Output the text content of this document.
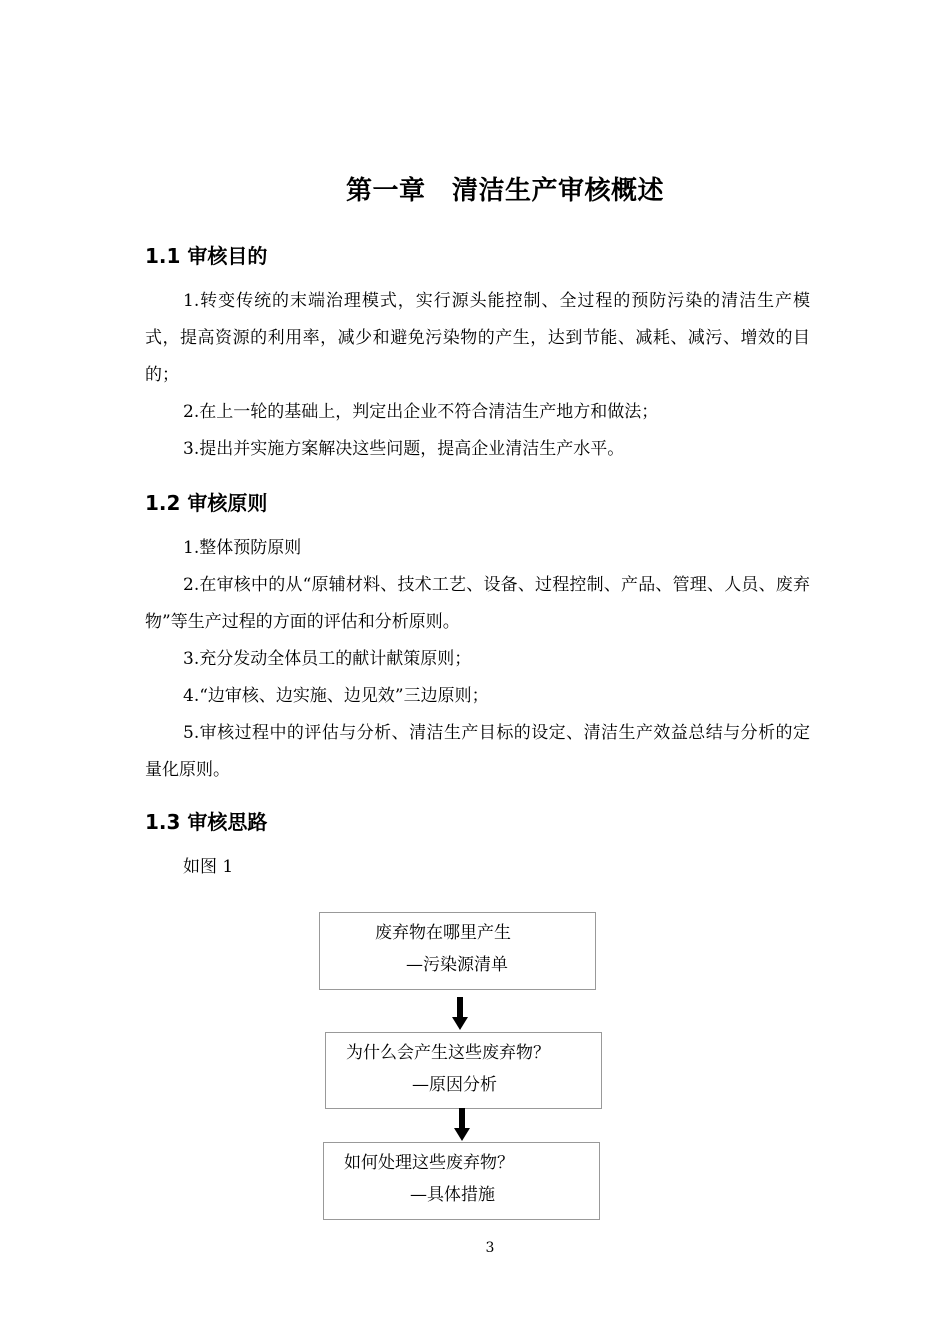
第一章　清洁生产审核概述
1.1 审核目的
1.转变传统的末端治理模式，实行源头能控制、全过程的预防污染的清洁生产模式，提高资源的利用率，减少和避免污染物的产生，达到节能、减耗、减污、增效的目的；
2.在上一轮的基础上，判定出企业不符合清洁生产地方和做法；
3.提出并实施方案解决这些问题，提高企业清洁生产水平。
1.2 审核原则
1.整体预防原则
2.在审核中的从“原辅材料、技术工艺、设备、过程控制、产品、管理、人员、废弃物”等生产过程的方面的评估和分析原则。
3.充分发动全体员工的献计献策原则；
4.“边审核、边实施、边见效”三边原则；
5.审核过程中的评估与分析、清洁生产目标的设定、清洁生产效益总结与分析的定量化原则。
1.3 审核思路
如图 1
废弃物在哪里产生
—污染源清单
为什么会产生这些废弃物？
—原因分析
如何处理这些废弃物？
—具体措施
3
